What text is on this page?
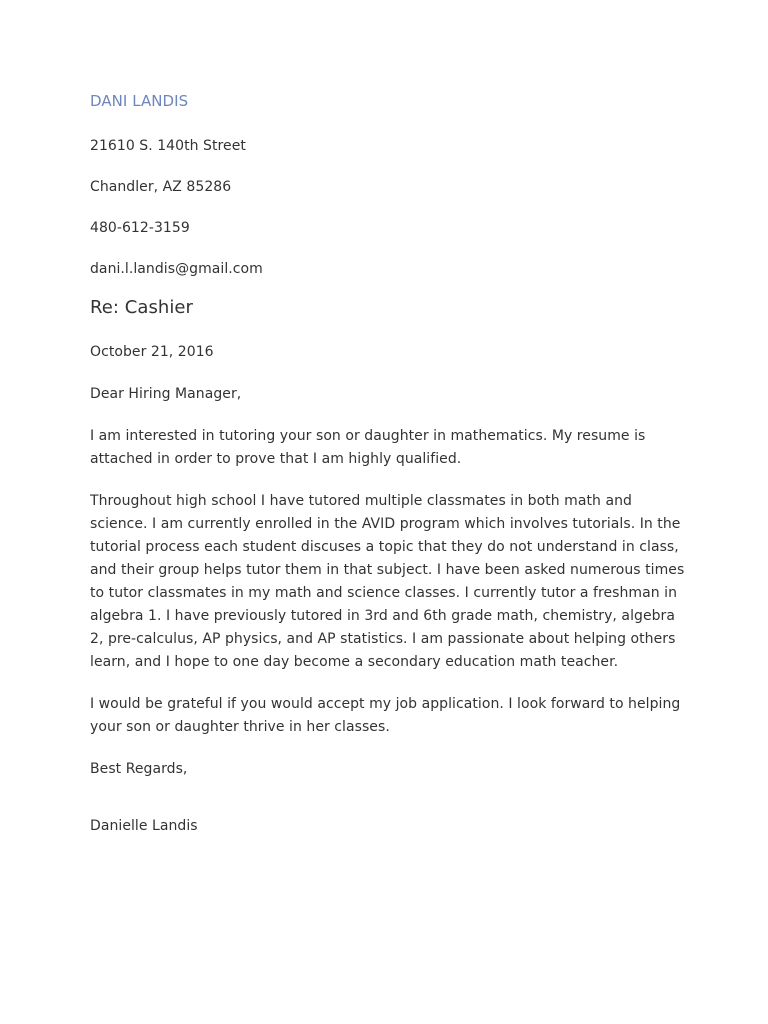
DANI LANDIS
21610 S. 140th Street
Chandler, AZ 85286
480-612-3159
dani.l.landis@gmail.com
Re: Cashier
October 21, 2016
Dear Hiring Manager,
I am interested in tutoring your son or daughter in mathematics. My resume is attached in order to prove that I am highly qualified.
Throughout high school I have tutored multiple classmates in both math and science. I am currently enrolled in the AVID program which involves tutorials. In the tutorial process each student discuses a topic that they do not understand in class, and their group helps tutor them in that subject. I have been asked numerous times to tutor classmates in my math and science classes. I currently tutor a freshman in algebra 1. I have previously tutored in 3rd and 6th grade math, chemistry, algebra 2, pre-calculus, AP physics, and AP statistics. I am passionate about helping others learn, and I hope to one day become a secondary education math teacher.
I would be grateful if you would accept my job application. I look forward to helping your son or daughter thrive in her classes.
Best Regards,
Danielle Landis
